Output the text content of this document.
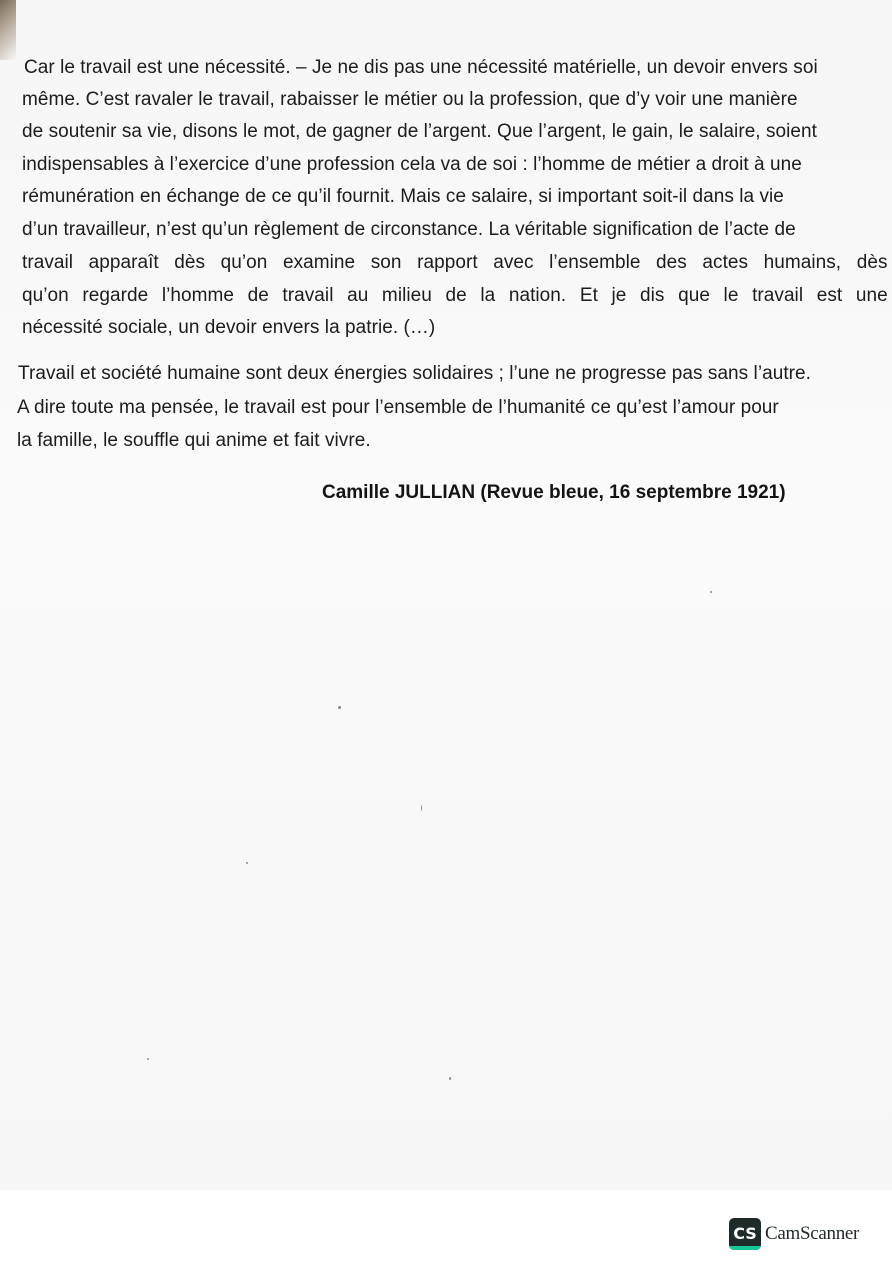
Car le travail est une nécessité. – Je ne dis pas une nécessité matérielle, un devoir envers soi
même. C’est ravaler le travail, rabaisser le métier ou la profession, que d’y voir une manière
de soutenir sa vie, disons le mot, de gagner de l’argent. Que l’argent, le gain, le salaire, soient
indispensables à l’exercice d’une profession cela va de soi : l’homme de métier a droit à une
rémunération en échange de ce qu’il fournit. Mais ce salaire, si important soit-il dans la vie
d’un travailleur, n’est qu’un règlement de circonstance. La véritable signification de l’acte de
travail apparaît dès qu’on examine son rapport avec l’ensemble des actes humains, dès
qu’on regarde l’homme de travail au milieu de la nation. Et je dis que le travail est une
nécessité sociale, un devoir envers la patrie. (…)
Travail et société humaine sont deux énergies solidaires ; l’une ne progresse pas sans l’autre.
A dire toute ma pensée, le travail est pour l’ensemble de l’humanité ce qu’est l’amour pour
la famille, le souffle qui anime et fait vivre.
Camille JULLIAN (Revue bleue, 16 septembre 1921)
CS CamScanner
